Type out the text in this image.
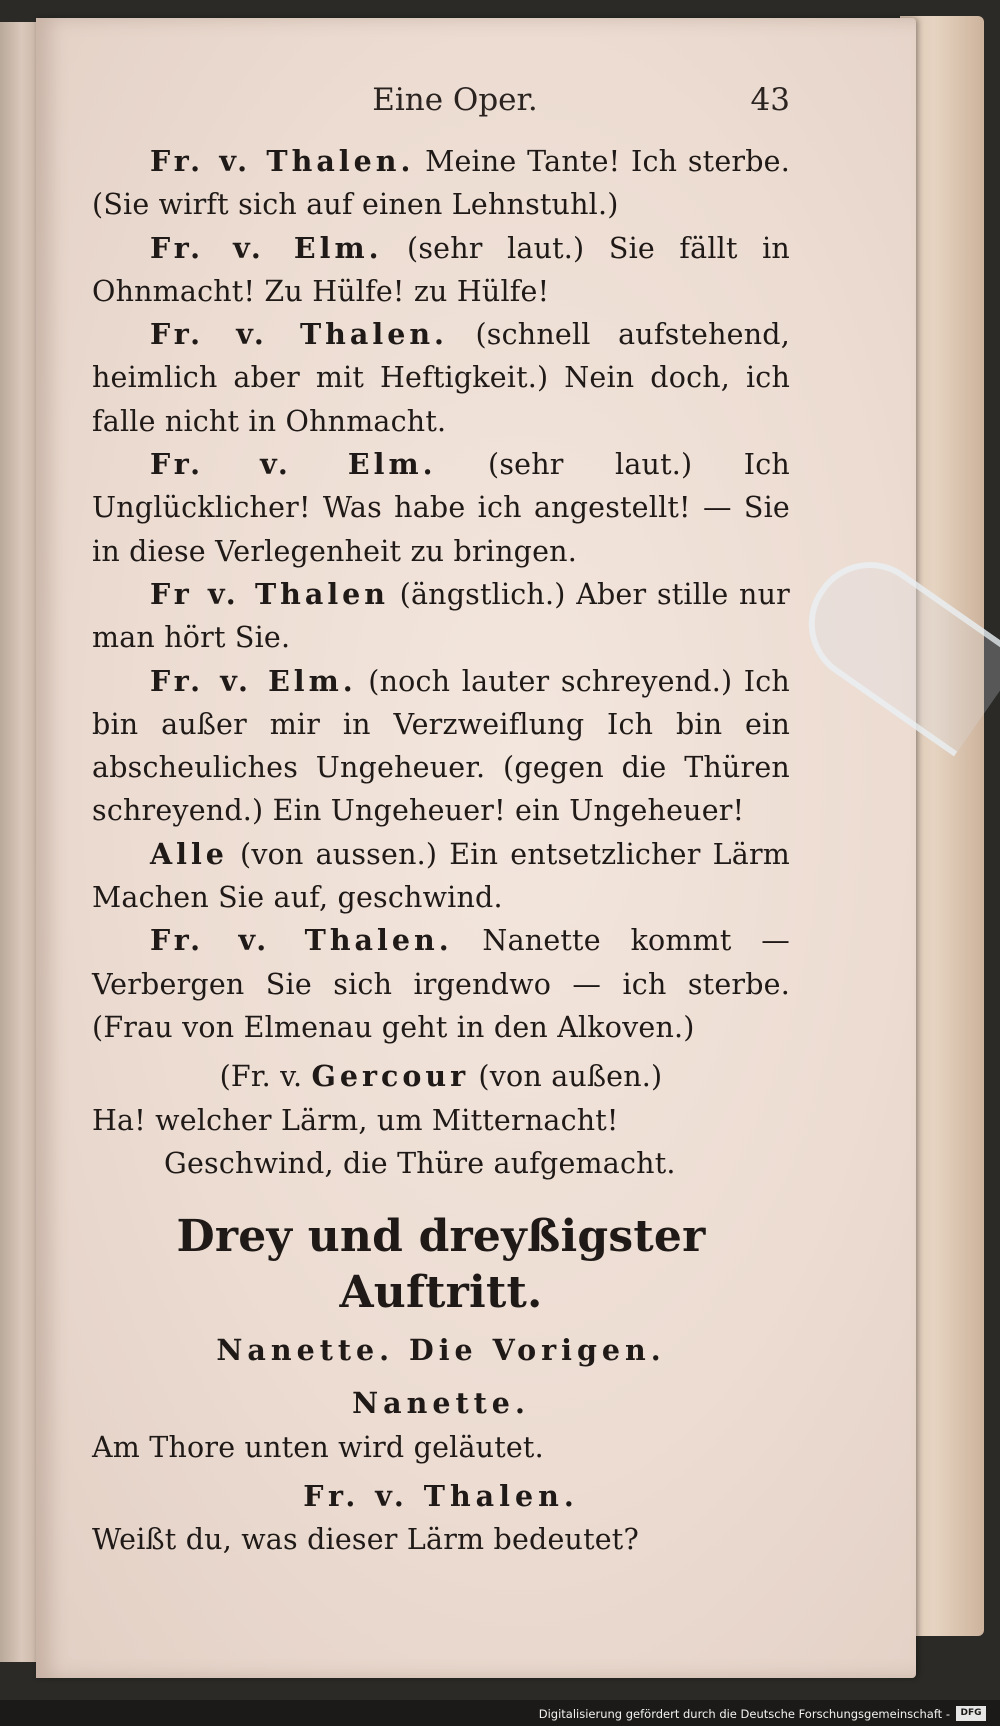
Eine Oper.	43

Fr. v. Thalen. Meine Tante! Ich sterbe. (Sie wirft sich auf einen Lehnstuhl.)

Fr. v. Elm. (sehr laut.) Sie fällt in Ohnmacht! Zu Hülfe! zu Hülfe!

Fr. v. Thalen. (schnell aufstehend, heimlich aber mit Heftigkeit.) Nein doch, ich falle nicht in Ohnmacht.

Fr. v. Elm. (sehr laut.) Ich Unglücklicher! Was habe ich angestellt! — Sie in diese Verlegenheit zu bringen.

Fr v. Thalen (ängstlich.) Aber stille nur man hört Sie.

Fr. v. Elm. (noch lauter schreyend.) Ich bin außer mir in Verzweiflung Ich bin ein abscheuliches Ungeheuer. (gegen die Thüren schreyend.) Ein Ungeheuer! ein Ungeheuer!

Alle (von aussen.) Ein entsetzlicher Lärm Machen Sie auf, geschwind.

Fr. v. Thalen. Nanette kommt — Verbergen Sie sich irgendwo — ich sterbe. (Frau von Elmenau geht in den Alkoven.)

(Fr. v. Gercour (von außen.)

Ha! welcher Lärm, um Mitternacht!

Geschwind, die Thüre aufgemacht.

Drey und dreyßigster Auftritt.

Nanette. Die Vorigen.

Nanette.

Am Thore unten wird geläutet.

Fr. v. Thalen.

Weißt du, was dieser Lärm bedeutet?

Digitalisierung gefördert durch die Deutsche Forschungsgemeinschaft -	DFG
